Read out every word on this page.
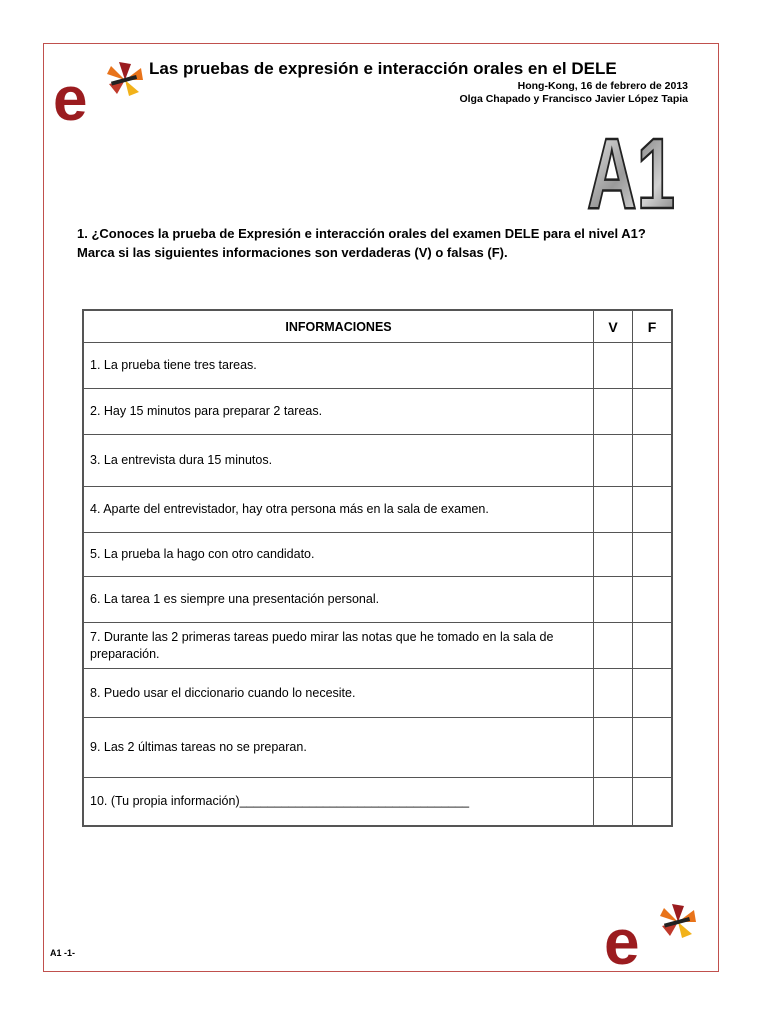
e	Las pruebas de expresión e interacción orales en el DELE
Hong-Kong, 16 de febrero de 2013
Olga Chapado y Francisco Javier López Tapia
A1
1. ¿Conoces la prueba de Expresión e interacción orales del examen DELE para el nivel A1?
Marca si las siguientes informaciones son verdaderas (V) o falsas (F).
INFORMACIONES	V	F
1. La prueba tiene tres tareas.		
2. Hay 15 minutos para preparar 2 tareas.		
3. La entrevista dura 15 minutos.		
4. Aparte del entrevistador, hay otra persona más en la sala de examen.		
5. La prueba la hago con otro candidato.		
6. La tarea 1 es siempre una presentación personal.		
7. Durante las 2 primeras tareas puedo mirar las notas que he tomado en la sala de preparación.		
8. Puedo usar el diccionario cuando lo necesite.		
9. Las 2 últimas tareas no se preparan.		
10. (Tu propia información)_________________________________		
A1 -1-	e
